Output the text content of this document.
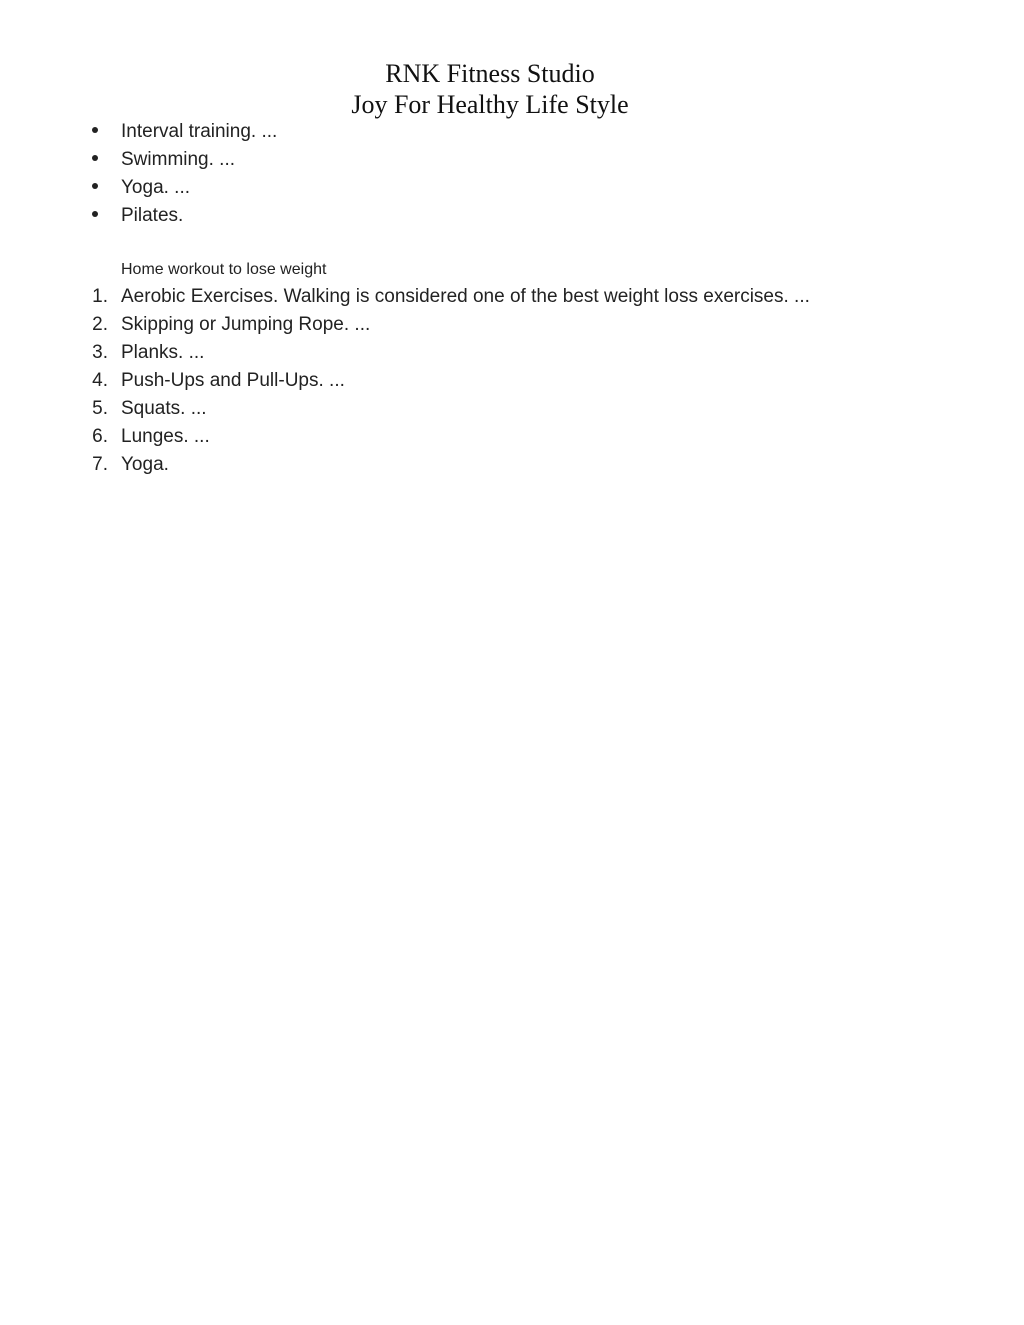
RNK Fitness Studio
Joy For Healthy Life Style
Interval training. ...
Swimming. ...
Yoga. ...
Pilates.
Home workout to lose weight
1. Aerobic Exercises. Walking is considered one of the best weight loss exercises. ...
2. Skipping or Jumping Rope. ...
3. Planks. ...
4. Push-Ups and Pull-Ups. ...
5. Squats. ...
6. Lunges. ...
7. Yoga.
